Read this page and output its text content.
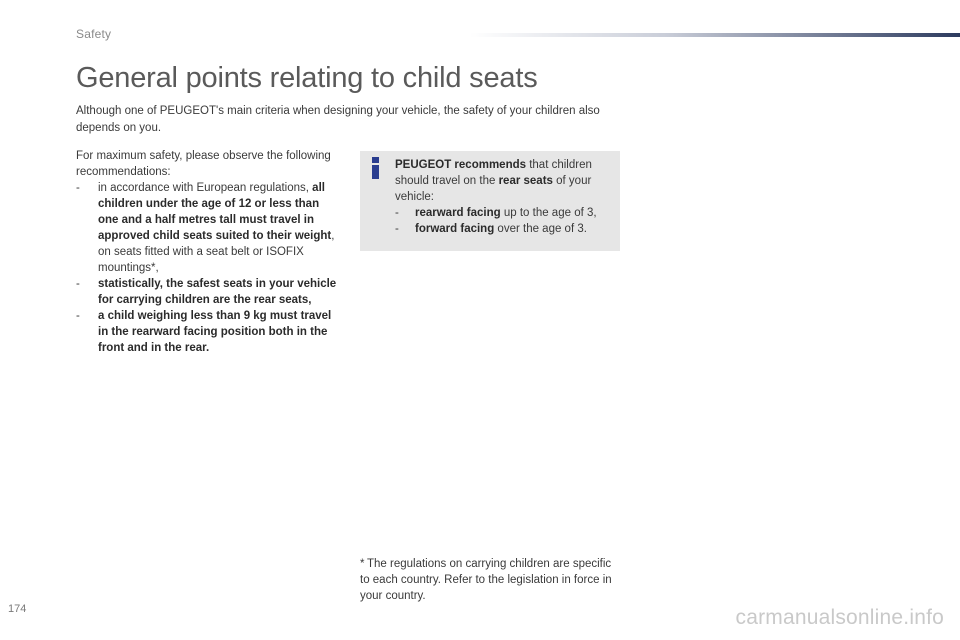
Safety
General points relating to child seats

Although one of PEUGEOT's main criteria when designing your vehicle, the safety of your children also depends on you.

For maximum safety, please observe the following recommendations:

-	in accordance with European regulations, all children under the age of 12 or less than one and a half metres tall must travel in approved child seats suited to their weight, on seats fitted with a seat belt or ISOFIX mountings*,
-	statistically, the safest seats in your vehicle for carrying children are the rear seats,
-	a child weighing less than 9 kg must travel in the rearward facing position both in the front and in the rear.

PEUGEOT recommends that children should travel on the rear seats of your vehicle:

-	rearward facing up to the age of 3,
-	forward facing over the age of 3.
* The regulations on carrying children are specific to each country. Refer to the legislation in force in your country.
174	carmanualsonline.info
